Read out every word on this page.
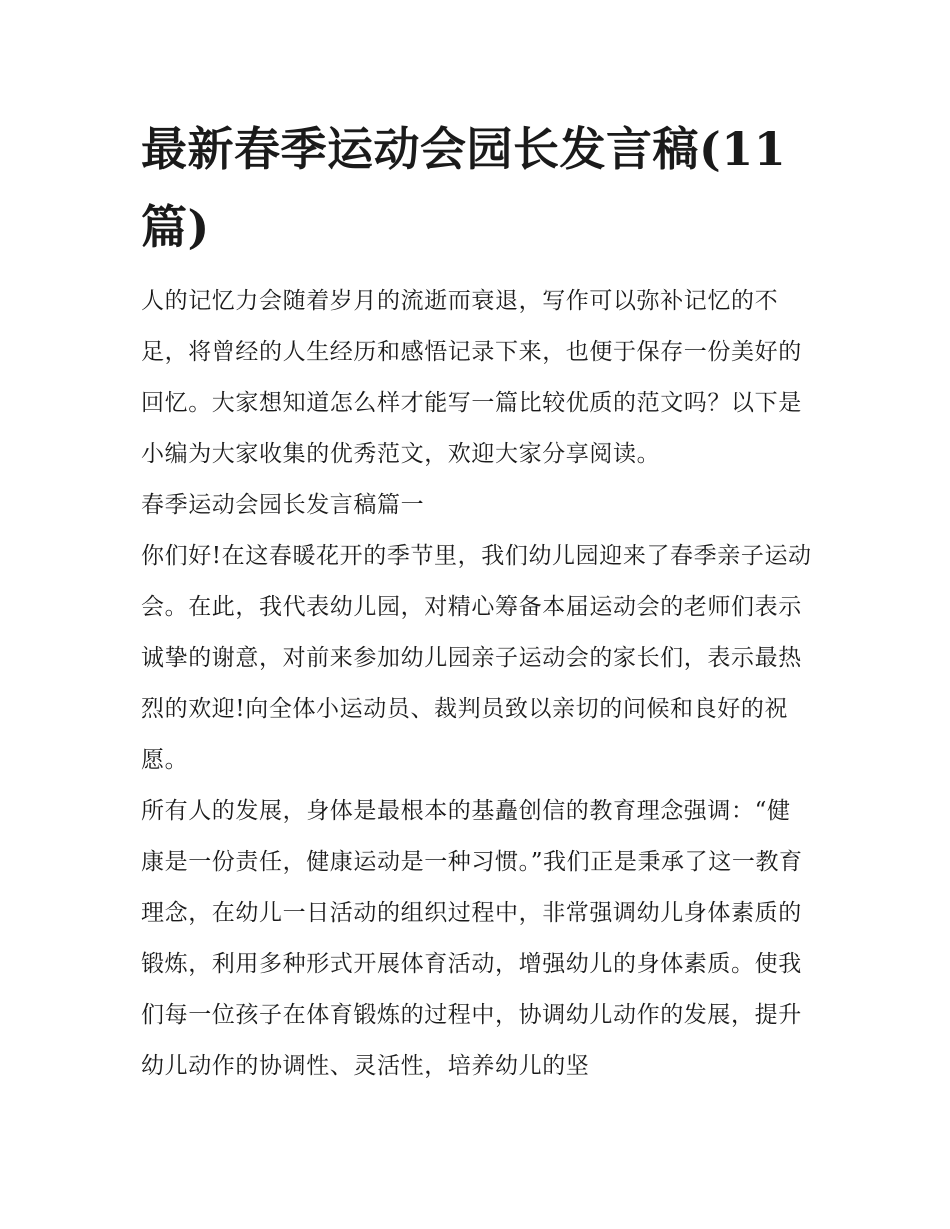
最新春季运动会园长发言稿(11篇)

人的记忆力会随着岁月的流逝而衰退，写作可以弥补记忆的不足，将曾经的人生经历和感悟记录下来，也便于保存一份美好的回忆。大家想知道怎么样才能写一篇比较优质的范文吗？以下是小编为大家收集的优秀范文，欢迎大家分享阅读。

春季运动会园长发言稿篇一

你们好!在这春暖花开的季节里，我们幼儿园迎来了春季亲子运动会。在此，我代表幼儿园，对精心筹备本届运动会的老师们表示诚挚的谢意，对前来参加幼儿园亲子运动会的家长们，表示最热烈的欢迎!向全体小运动员、裁判员致以亲切的问候和良好的祝愿。

所有人的发展，身体是最根本的基矗创信的教育理念强调：“健康是一份责任，健康运动是一种习惯。”我们正是秉承了这一教育理念，在幼儿一日活动的组织过程中，非常强调幼儿身体素质的锻炼，利用多种形式开展体育活动，增强幼儿的身体素质。使我们每一位孩子在体育锻炼的过程中，协调幼儿动作的发展，提升幼儿动作的协调性、灵活性，培养幼儿的坚
